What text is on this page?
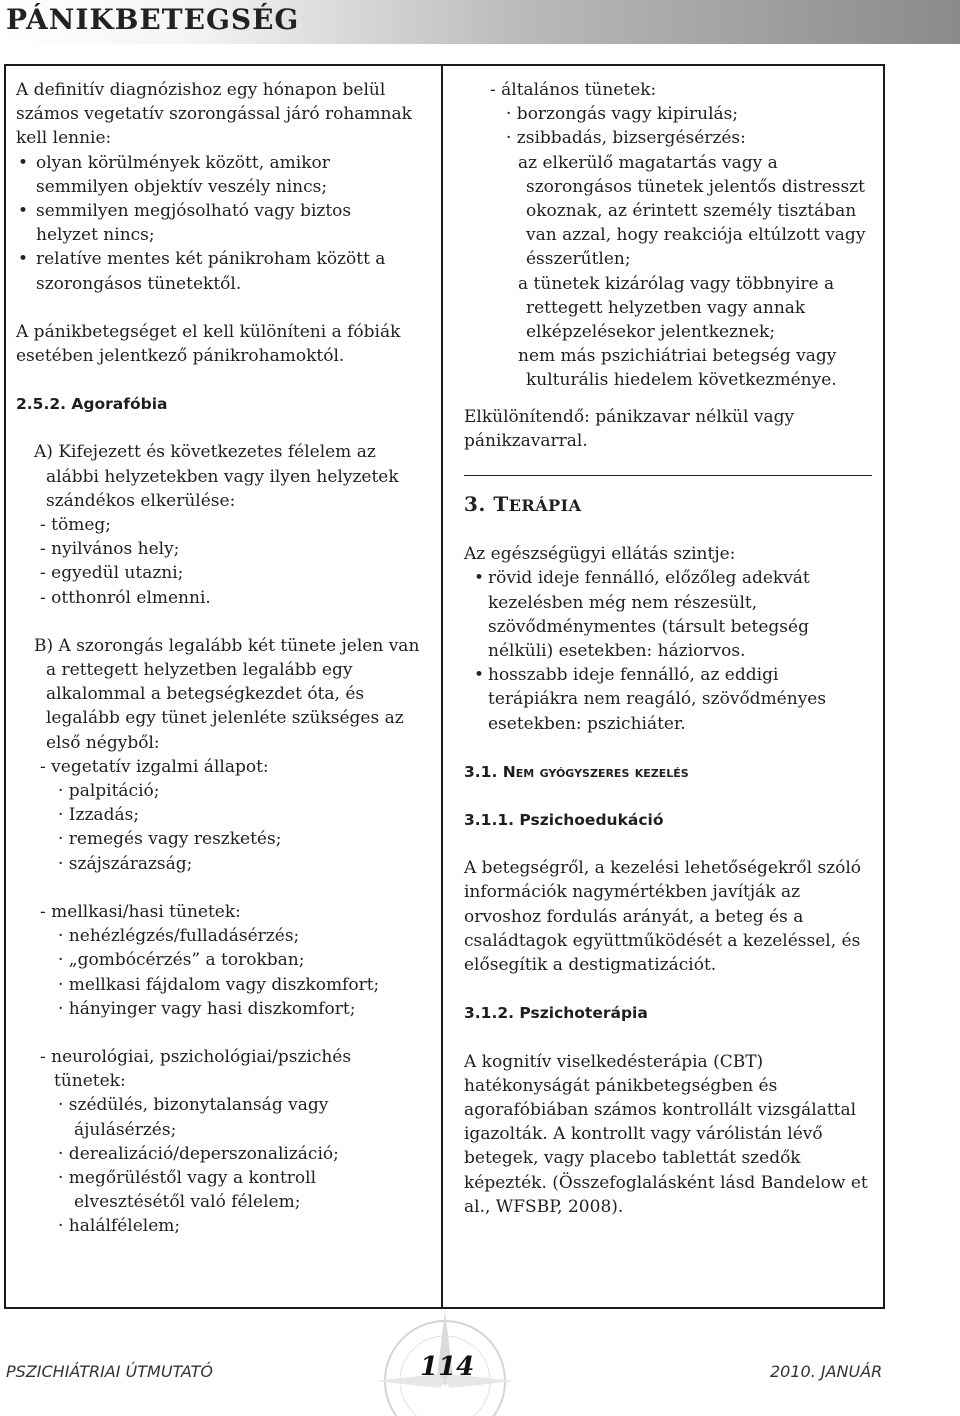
PÁNIKBETEGSÉG

A definitív diagnózishoz egy hónapon belül

számos vegetatív szorongással járó rohamnak

kell lennie:

• olyan körülmények között, amikor

semmilyen objektív veszély nincs;

• semmilyen megjósolható vagy biztos

helyzet nincs;

• relatíve mentes két pánikroham között a

szorongásos tünetektől.

A pánikbetegséget el kell különíteni a fóbiák

esetében jelentkező pánikrohamoktól.

2.5.2. Agorafóbia

A) Kifejezett és következetes félelem az

alábbi helyzetekben vagy ilyen helyzetek

szándékos elkerülése:

- tömeg;

- nyilvános hely;

- egyedül utazni;

- otthonról elmenni.

B) A szorongás legalább két tünete jelen van

a rettegett helyzetben legalább egy

alkalommal a betegségkezdet óta, és

legalább egy tünet jelenléte szükséges az

első négyből:

- vegetatív izgalmi állapot:

· palpitáció;

· Izzadás;

· remegés vagy reszketés;

· szájszárazság;

- mellkasi/hasi tünetek:

· nehézlégzés/fulladásérzés;

· „gombócérzés” a torokban;

· mellkasi fájdalom vagy diszkomfort;

· hányinger vagy hasi diszkomfort;

- neurológiai, pszichológiai/pszichés

tünetek:

· szédülés, bizonytalanság vagy

ájulásérzés;

· derealizáció/deperszonalizáció;

· megőrüléstől vagy a kontroll

elvesztésétől való félelem;

· halálfélelem;

- általános tünetek:

· borzongás vagy kipirulás;

· zsibbadás, bizsergésérzés:

az elkerülő magatartás vagy a

szorongásos tünetek jelentős distresszt

okoznak, az érintett személy tisztában

van azzal, hogy reakciója eltúlzott vagy

ésszerűtlen;

a tünetek kizárólag vagy többnyire a

rettegett helyzetben vagy annak

elképzelésekor jelentkeznek;

nem más pszichiátriai betegség vagy

kulturális hiedelem következménye.

Elkülönítendő: pánikzavar nélkül vagy

pánikzavarral.

3. TERÁPIA

Az egészségügyi ellátás szintje:

• rövid ideje fennálló, előzőleg adekvát

kezelésben még nem részesült,

szövődménymentes (társult betegség

nélküli) esetekben: háziorvos.

• hosszabb ideje fennálló, az eddigi

terápiákra nem reagáló, szövődményes

esetekben: pszichiáter.

3.1. Nem gyógyszeres kezelés

3.1.1. Pszichoedukáció

A betegségről, a kezelési lehetőségekről szóló

információk nagymértékben javítják az

orvoshoz fordulás arányát, a beteg és a

családtagok együttműködését a kezeléssel, és

elősegítik a destigmatizációt.

3.1.2. Pszichoterápia

A kognitív viselkedésterápia (CBT)

hatékonyságát pánikbetegségben és

agorafóbiában számos kontrollált vizsgálattal

igazolták. A kontrollt vagy várólistán lévő

betegek, vagy placebo tablettát szedők

képezték. (Összefoglalásként lásd Bandelow et

al., WFSBP, 2008).

PSZICHIÁTRIAI ÚTMUTATÓ	114	2010. JANUÁR
